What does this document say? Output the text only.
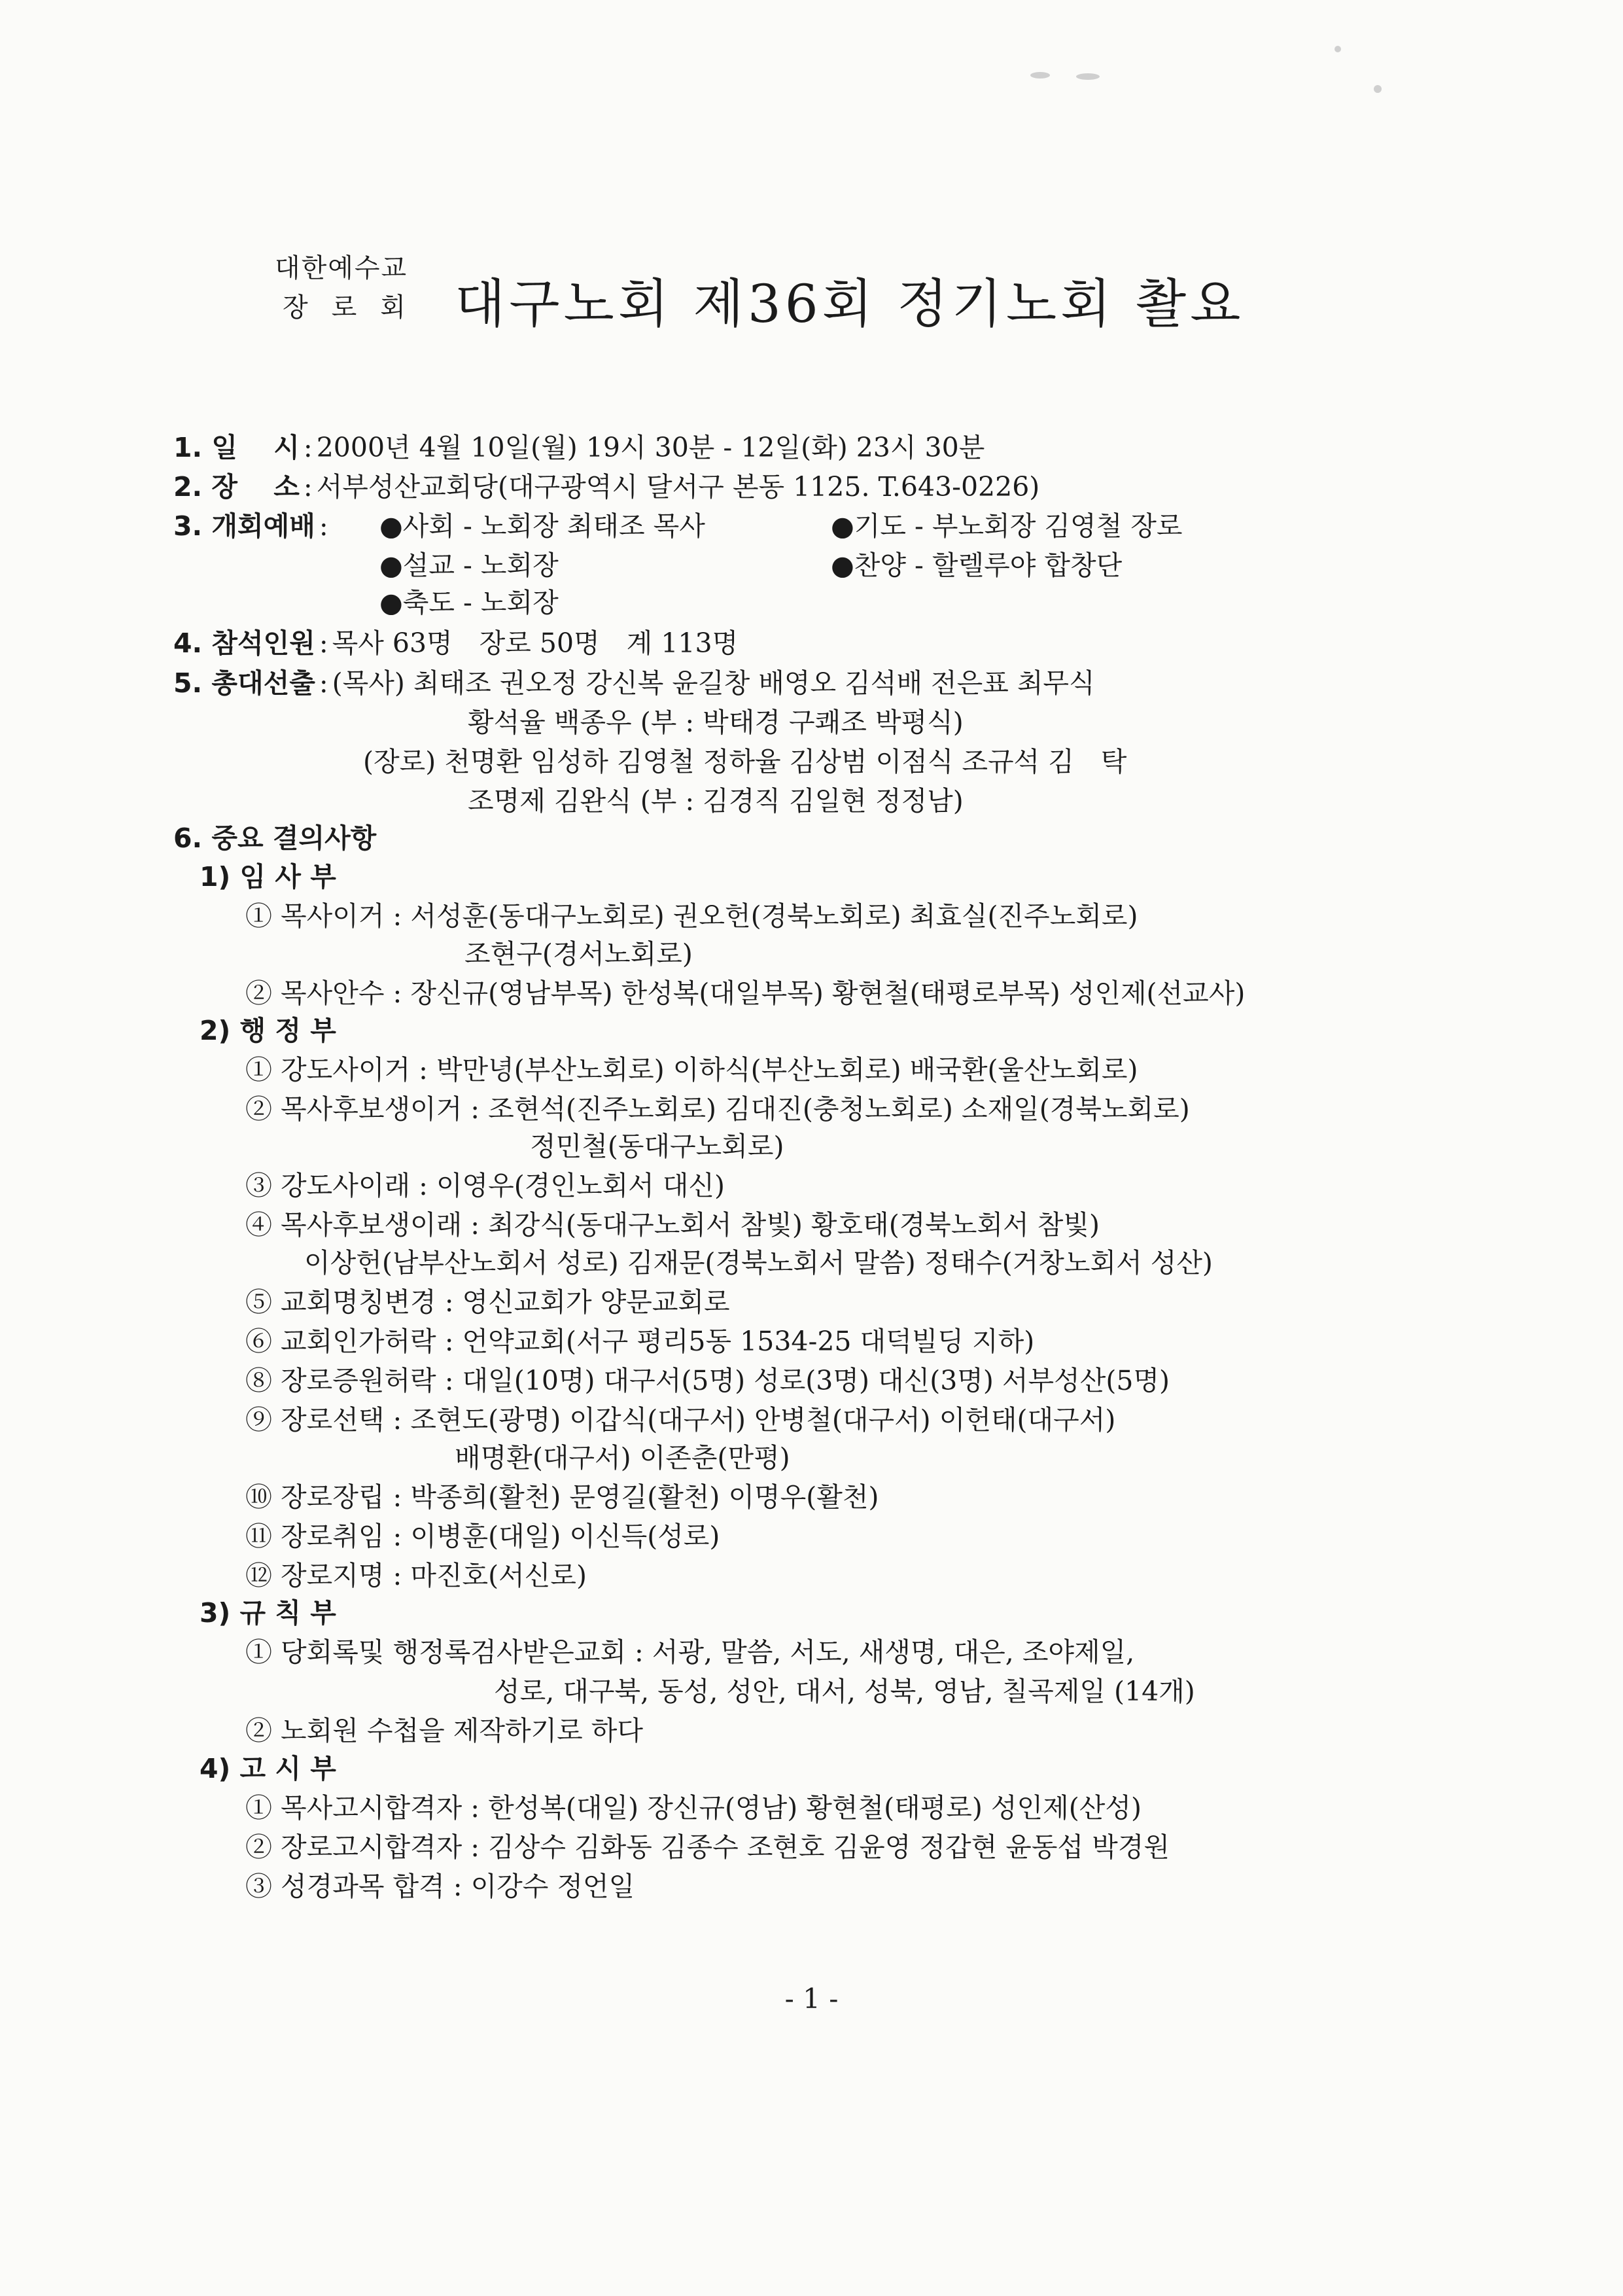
대한예수교
장로회 대구노회 제36회 정기노회 촬요
1. 일　 시 : 2000년 4월 10일(월) 19시 30분 - 12일(화) 23시 30분
2. 장　 소 : 서부성산교회당(대구광역시 달서구 본동 1125. T.643-0226)
3. 개회예배 : ●사회 - 노회장 최태조 목사	●기도 - 부노회장 김영철 장로
●설교 - 노회장	●찬양 - 할렐루야 합창단
●축도 - 노회장
4. 참석인원 : 목사 63명　장로 50명　계 113명
5. 총대선출 : (목사) 최태조 권오정 강신복 윤길창 배영오 김석배 전은표 최무식
황석율 백종우 (부 : 박태경 구쾌조 박평식)
(장로) 천명환 임성하 김영철 정하율 김상범 이점식 조규석 김　탁
조명제 김완식 (부 : 김경직 김일현 정정남)
6. 중요 결의사항
1) 임 사 부
① 목사이거 : 서성훈(동대구노회로) 권오헌(경북노회로) 최효실(진주노회로)
조현구(경서노회로)
② 목사안수 : 장신규(영남부목) 한성복(대일부목) 황현철(태평로부목) 성인제(선교사)
2) 행 정 부
① 강도사이거 : 박만녕(부산노회로) 이하식(부산노회로) 배국환(울산노회로)
② 목사후보생이거 : 조현석(진주노회로) 김대진(충청노회로) 소재일(경북노회로)
정민철(동대구노회로)
③ 강도사이래 : 이영우(경인노회서 대신)
④ 목사후보생이래 : 최강식(동대구노회서 참빛) 황호태(경북노회서 참빛)
이상헌(남부산노회서 성로) 김재문(경북노회서 말씀) 정태수(거창노회서 성산)
⑤ 교회명칭변경 : 영신교회가 양문교회로
⑥ 교회인가허락 : 언약교회(서구 평리5동 1534-25 대덕빌딩 지하)
⑧ 장로증원허락 : 대일(10명) 대구서(5명) 성로(3명) 대신(3명) 서부성산(5명)
⑨ 장로선택 : 조현도(광명) 이갑식(대구서) 안병철(대구서) 이헌태(대구서)
배명환(대구서) 이존춘(만평)
⑩ 장로장립 : 박종희(활천) 문영길(활천) 이명우(활천)
⑪ 장로취임 : 이병훈(대일) 이신득(성로)
⑫ 장로지명 : 마진호(서신로)
3) 규 칙 부
① 당회록및 행정록검사받은교회 : 서광, 말씀, 서도, 새생명, 대은, 조야제일,
성로, 대구북, 동성, 성안, 대서, 성북, 영남, 칠곡제일 (14개)
② 노회원 수첩을 제작하기로 하다
4) 고 시 부
① 목사고시합격자 : 한성복(대일) 장신규(영남) 황현철(태평로) 성인제(산성)
② 장로고시합격자 : 김상수 김화동 김종수 조현호 김윤영 정갑현 윤동섭 박경원
③ 성경과목 합격 : 이강수 정언일
- 1 -
